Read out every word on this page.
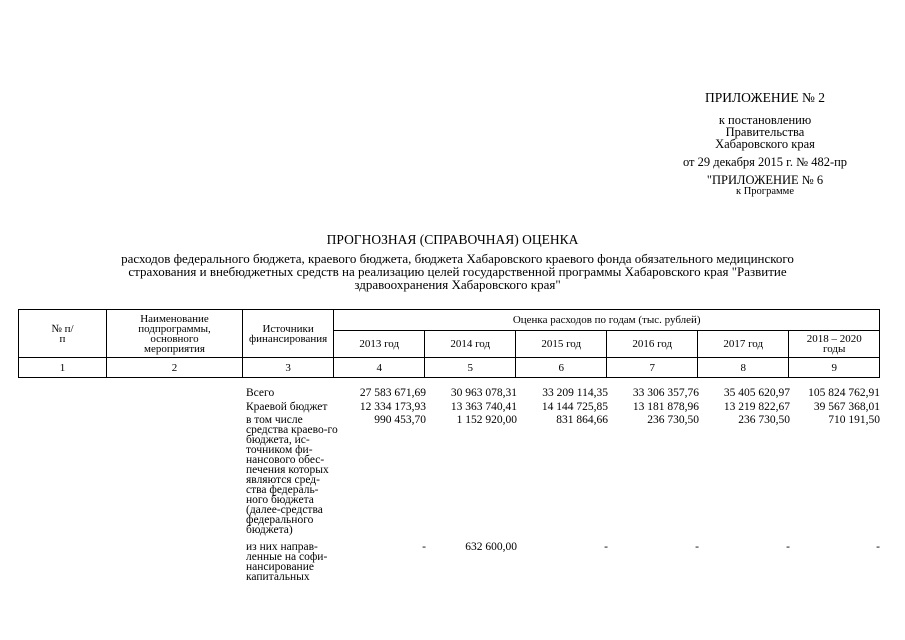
ПРИЛОЖЕНИЕ № 2
к постановлению
Правительства
Хабаровского края
от 29 декабря 2015 г. № 482-пр
"ПРИЛОЖЕНИЕ № 6
к Программе
ПРОГНОЗНАЯ (СПРАВОЧНАЯ) ОЦЕНКА
расходов федерального бюджета, краевого бюджета, бюджета Хабаровского краевого фонда обязательного медицинского страхования и внебюджетных средств на реализацию целей государственной программы Хабаровского края "Развитие здравоохранения Хабаровского края"
№ п/п	Наименование подпрограммы, основного мероприятия	Источники финансирования	Оценка расходов по годам (тыс. рублей)					
			2013 год	2014 год	2015 год	2016 год	2017 год	2018 – 2020 годы
1	2	3	4	5	6	7	8	9
		Всего	27 583 671,69	30 963 078,31	33 209 114,35	33 306 357,76	35 405 620,97	105 824 762,91
		Краевой бюджет	12 334 173,93	13 363 740,41	14 144 725,85	13 181 878,96	13 219 822,67	39 567 368,01
		в том числе средства краево-го бюджета, ис-точником фи-нансового обес-печения которых являются сред-ства федераль-ного бюджета (далее-средства федерального бюджета)	990 453,70	1 152 920,00	831 864,66	236 730,50	236 730,50	710 191,50
		из них направ-ленные на софи-нансирование капитальных	-	632 600,00	-	-	-	-
